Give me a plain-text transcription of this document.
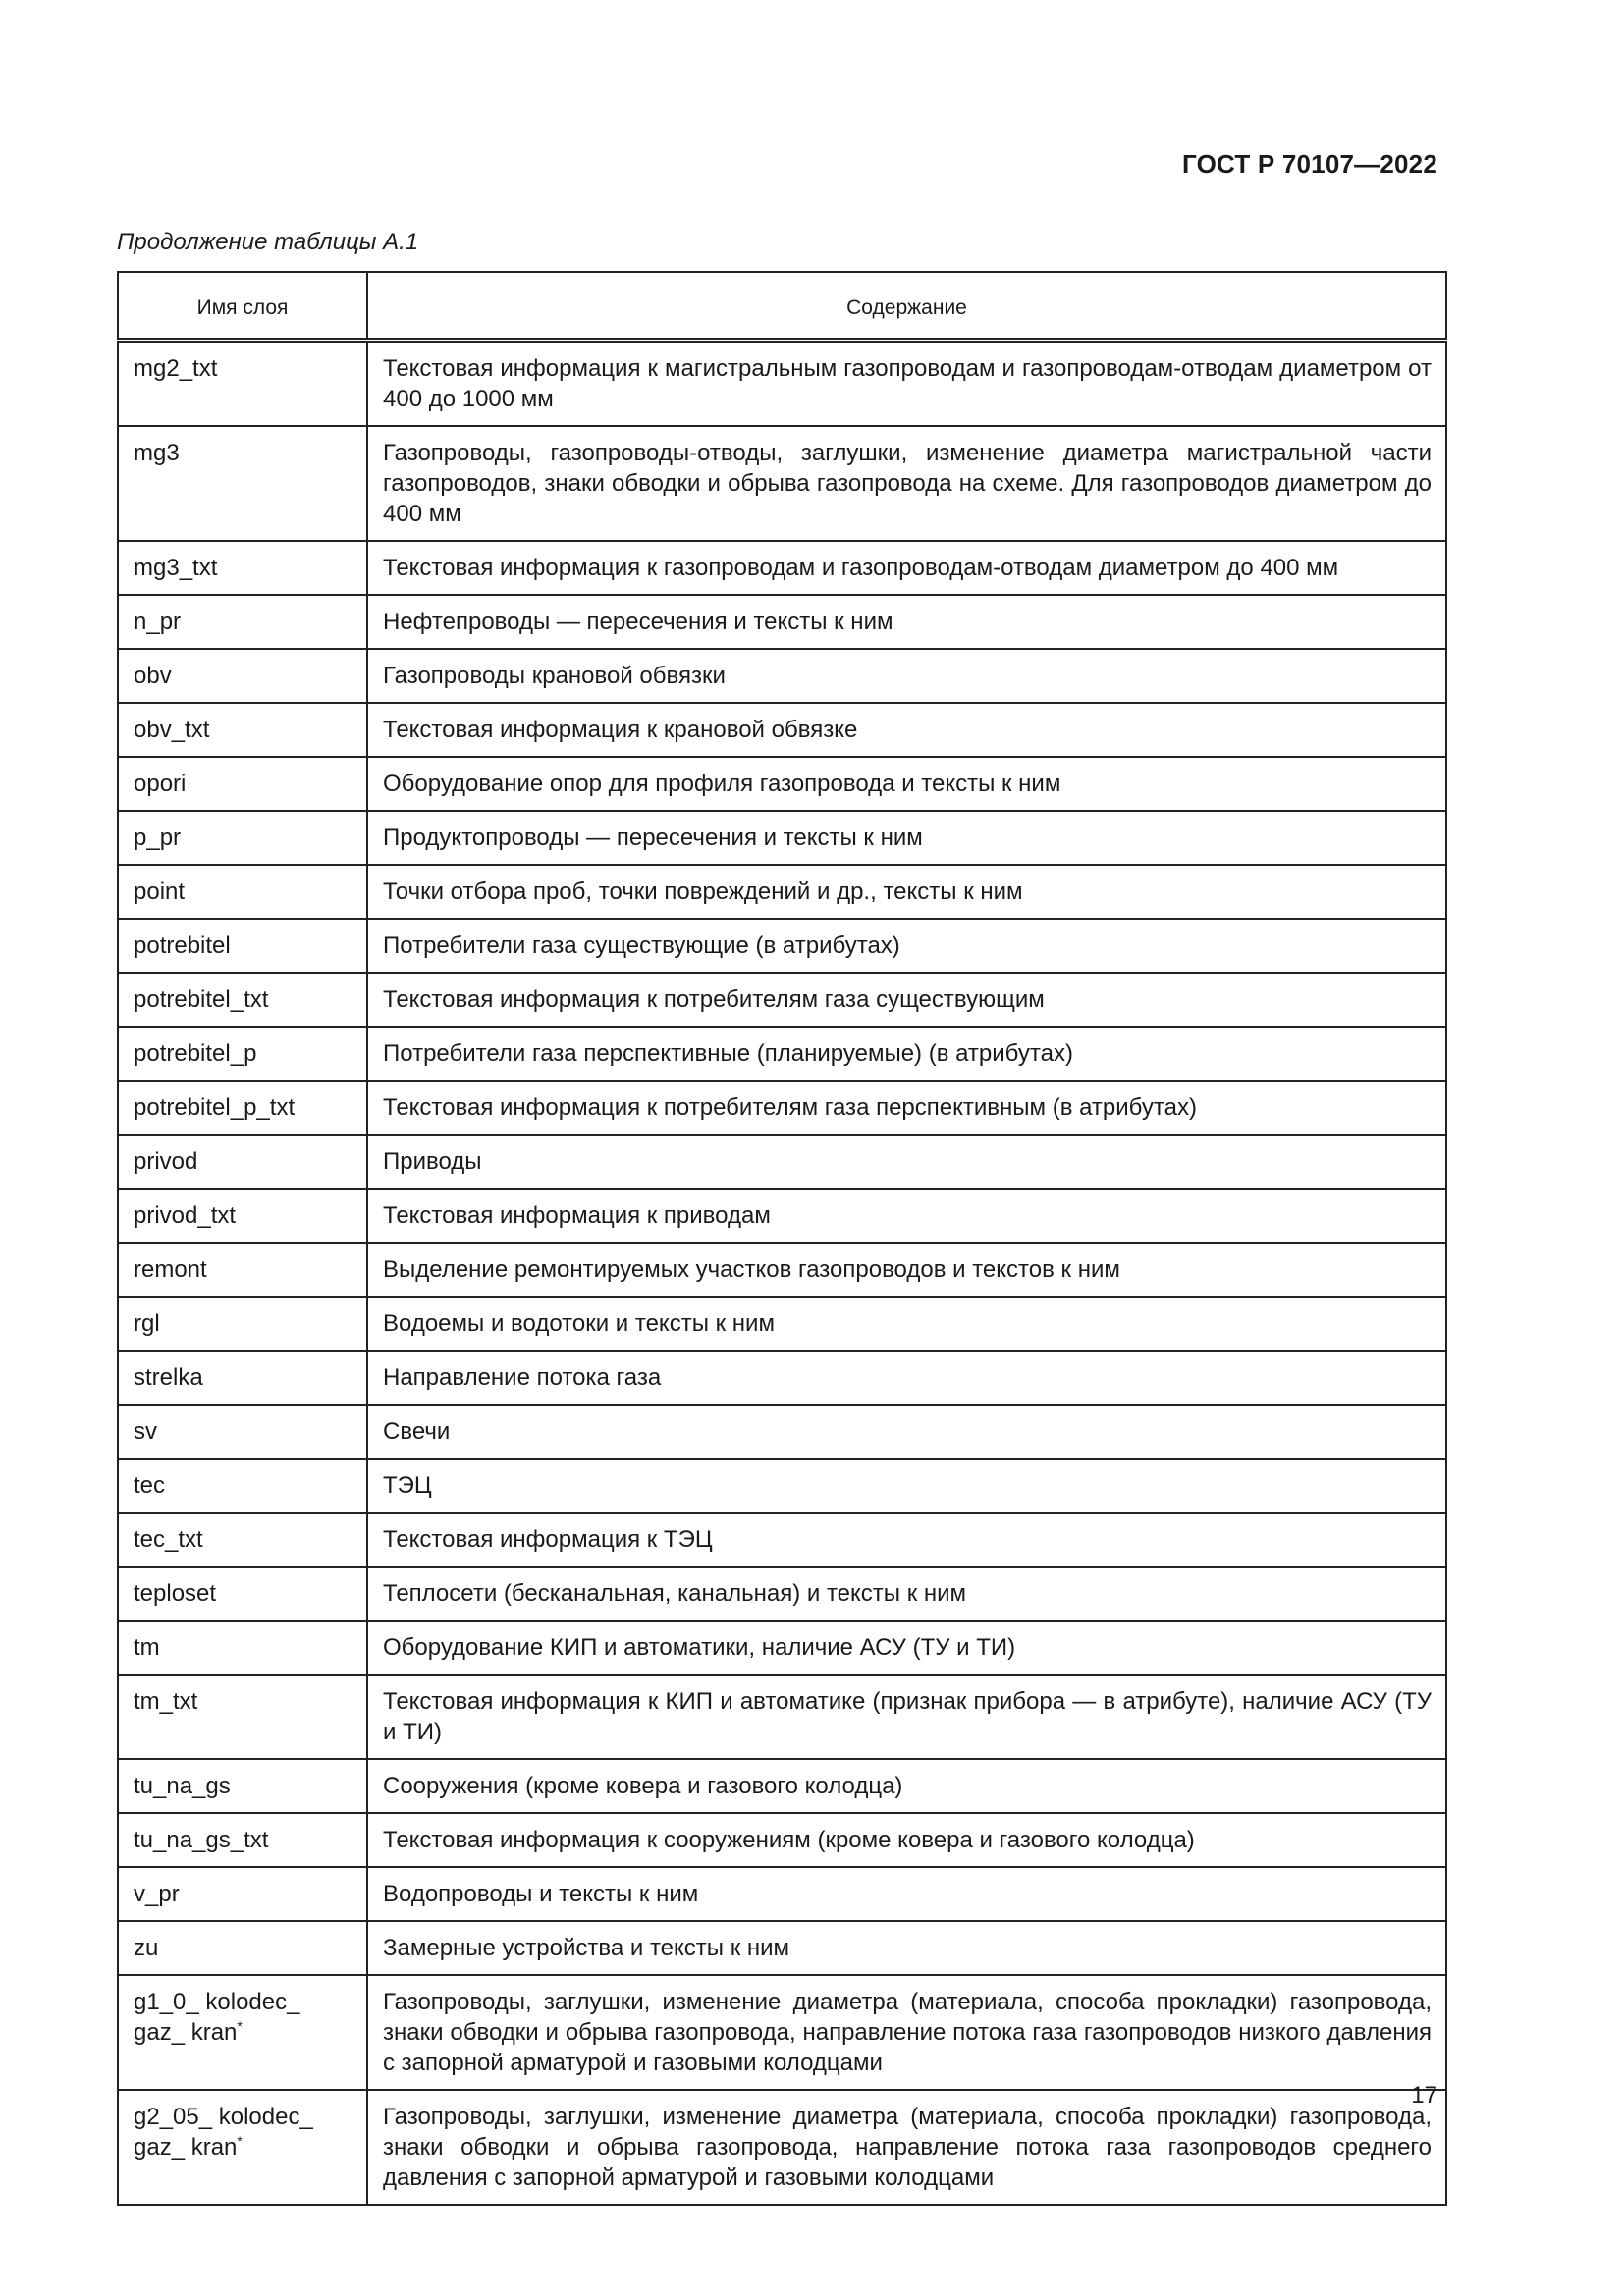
ГОСТ Р 70107—2022
Продолжение таблицы А.1
Имя слоя	Содержание
mg2_txt	Текстовая информация к магистральным газопроводам и газопроводам-отводам диаметром от 400 до 1000 мм
mg3	Газопроводы, газопроводы-отводы, заглушки, изменение диаметра магистральной части газопроводов, знаки обводки и обрыва газопровода на схеме. Для газопроводов диаметром до 400 мм
mg3_txt	Текстовая информация к газопроводам и газопроводам-отводам диаметром до 400 мм
n_pr	Нефтепроводы — пересечения и тексты к ним
obv	Газопроводы крановой обвязки
obv_txt	Текстовая информация к крановой обвязке
opori	Оборудование опор для профиля газопровода и тексты к ним
p_pr	Продуктопроводы — пересечения и тексты к ним
point	Точки отбора проб, точки повреждений и др., тексты к ним
potrebitel	Потребители газа существующие (в атрибутах)
potrebitel_txt	Текстовая информация к потребителям газа существующим
potrebitel_p	Потребители газа перспективные (планируемые) (в атрибутах)
potrebitel_p_txt	Текстовая информация к потребителям газа перспективным (в атрибутах)
privod	Приводы
privod_txt	Текстовая информация к приводам
remont	Выделение ремонтируемых участков газопроводов и текстов к ним
rgl	Водоемы и водотоки и тексты к ним
strelka	Направление потока газа
sv	Свечи
tec	ТЭЦ
tec_txt	Текстовая информация к ТЭЦ
teploset	Теплосети (бесканальная, канальная) и тексты к ним
tm	Оборудование КИП и автоматики, наличие АСУ (ТУ и ТИ)
tm_txt	Текстовая информация к КИП и автоматике (признак прибора — в атрибуте), наличие АСУ (ТУ и ТИ)
tu_na_gs	Сооружения (кроме ковера и газового колодца)
tu_na_gs_txt	Текстовая информация к сооружениям (кроме ковера и газового колодца)
v_pr	Водопроводы и тексты к ним
zu	Замерные устройства и тексты к ним
g1_0_ kolodec_ gaz_ kran*	Газопроводы, заглушки, изменение диаметра (материала, способа прокладки) газопровода, знаки обводки и обрыва газопровода, направление потока газа газопроводов низкого давления с запорной арматурой и газовыми колодцами
g2_05_ kolodec_ gaz_ kran*	Газопроводы, заглушки, изменение диаметра (материала, способа прокладки) газопровода, знаки обводки и обрыва газопровода, направление потока газа газопроводов среднего давления с запорной арматурой и газовыми колодцами
17
